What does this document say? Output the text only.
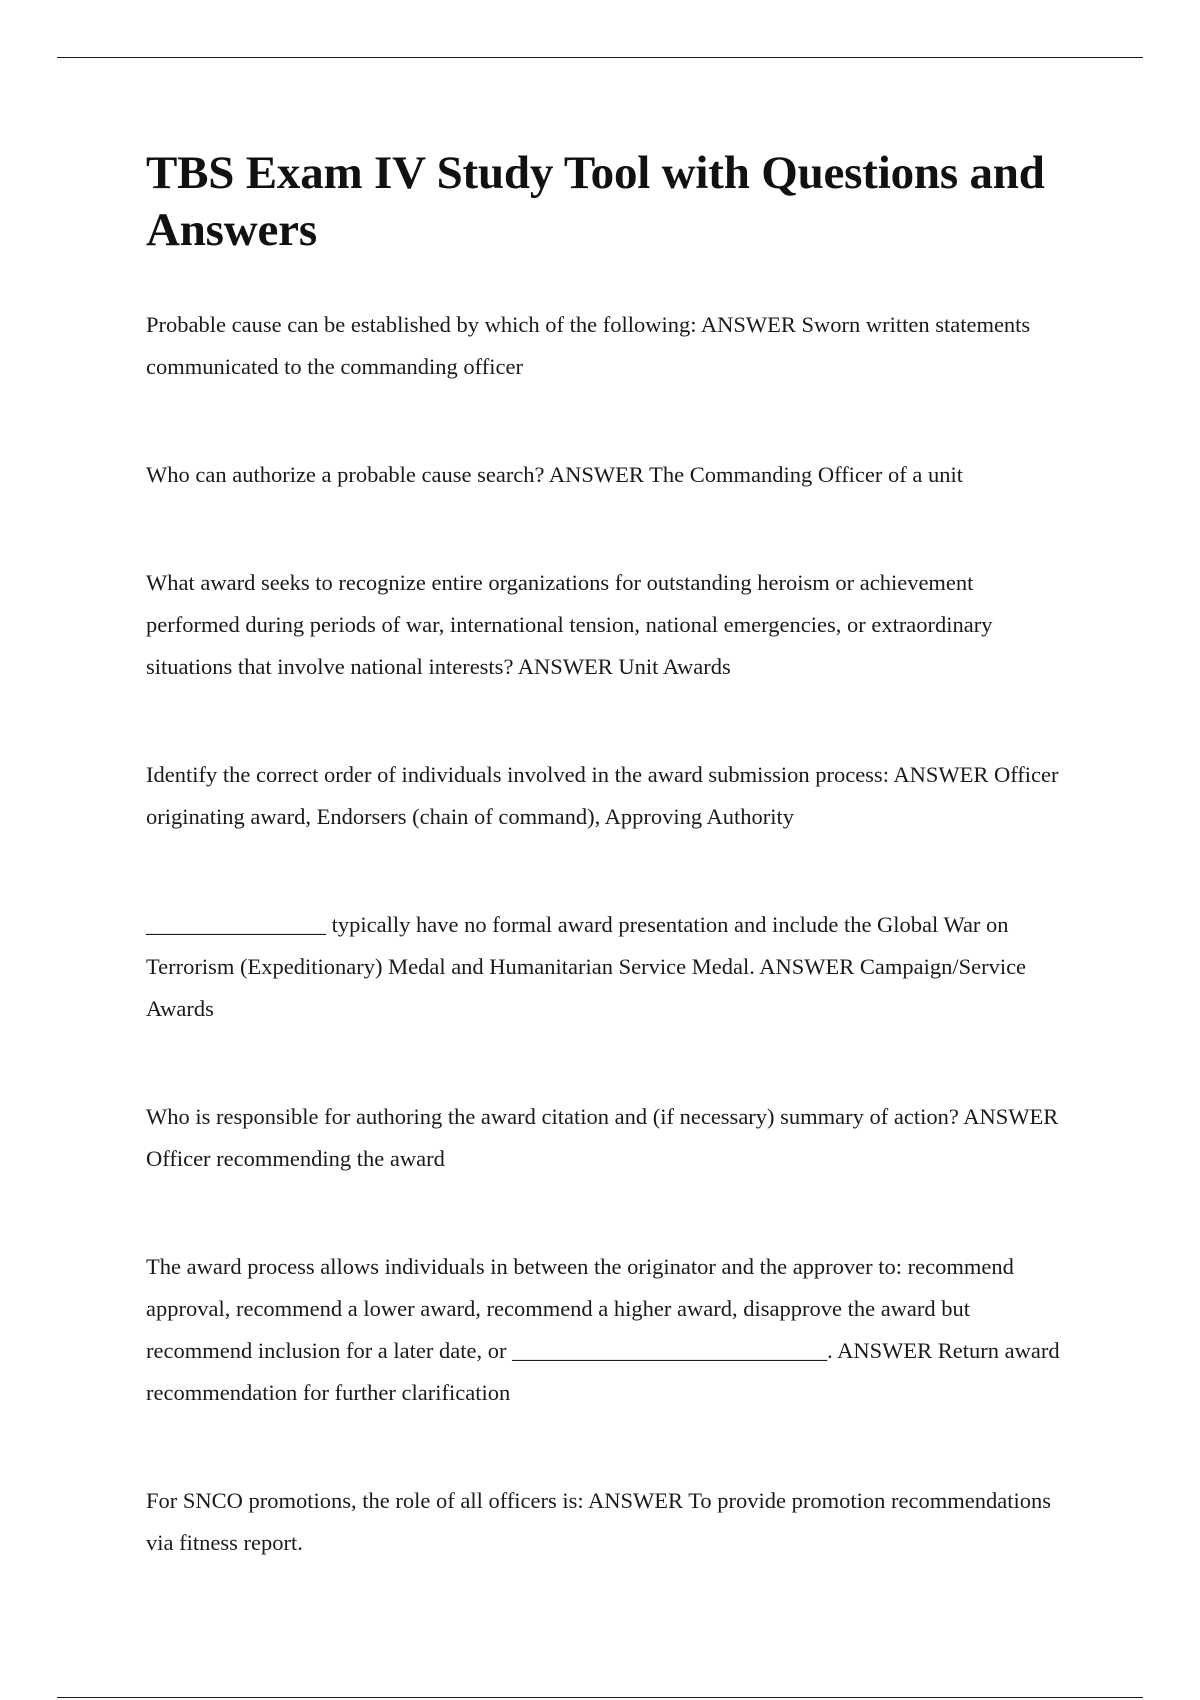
TBS Exam IV Study Tool with Questions and Answers

Probable cause can be established by which of the following: ANSWER Sworn written statements communicated to the commanding officer

Who can authorize a probable cause search? ANSWER The Commanding Officer of a unit

What award seeks to recognize entire organizations for outstanding heroism or achievement performed during periods of war, international tension, national emergencies, or extraordinary situations that involve national interests? ANSWER Unit Awards

Identify the correct order of individuals involved in the award submission process: ANSWER Officer originating award, Endorsers (chain of command), Approving Authority

________________ typically have no formal award presentation and include the Global War on Terrorism (Expeditionary) Medal and Humanitarian Service Medal. ANSWER Campaign/Service Awards

Who is responsible for authoring the award citation and (if necessary) summary of action? ANSWER Officer recommending the award

The award process allows individuals in between the originator and the approver to: recommend approval, recommend a lower award, recommend a higher award, disapprove the award but recommend inclusion for a later date, or ____________________________. ANSWER Return award recommendation for further clarification

For SNCO promotions, the role of all officers is: ANSWER To provide promotion recommendations via fitness report.
